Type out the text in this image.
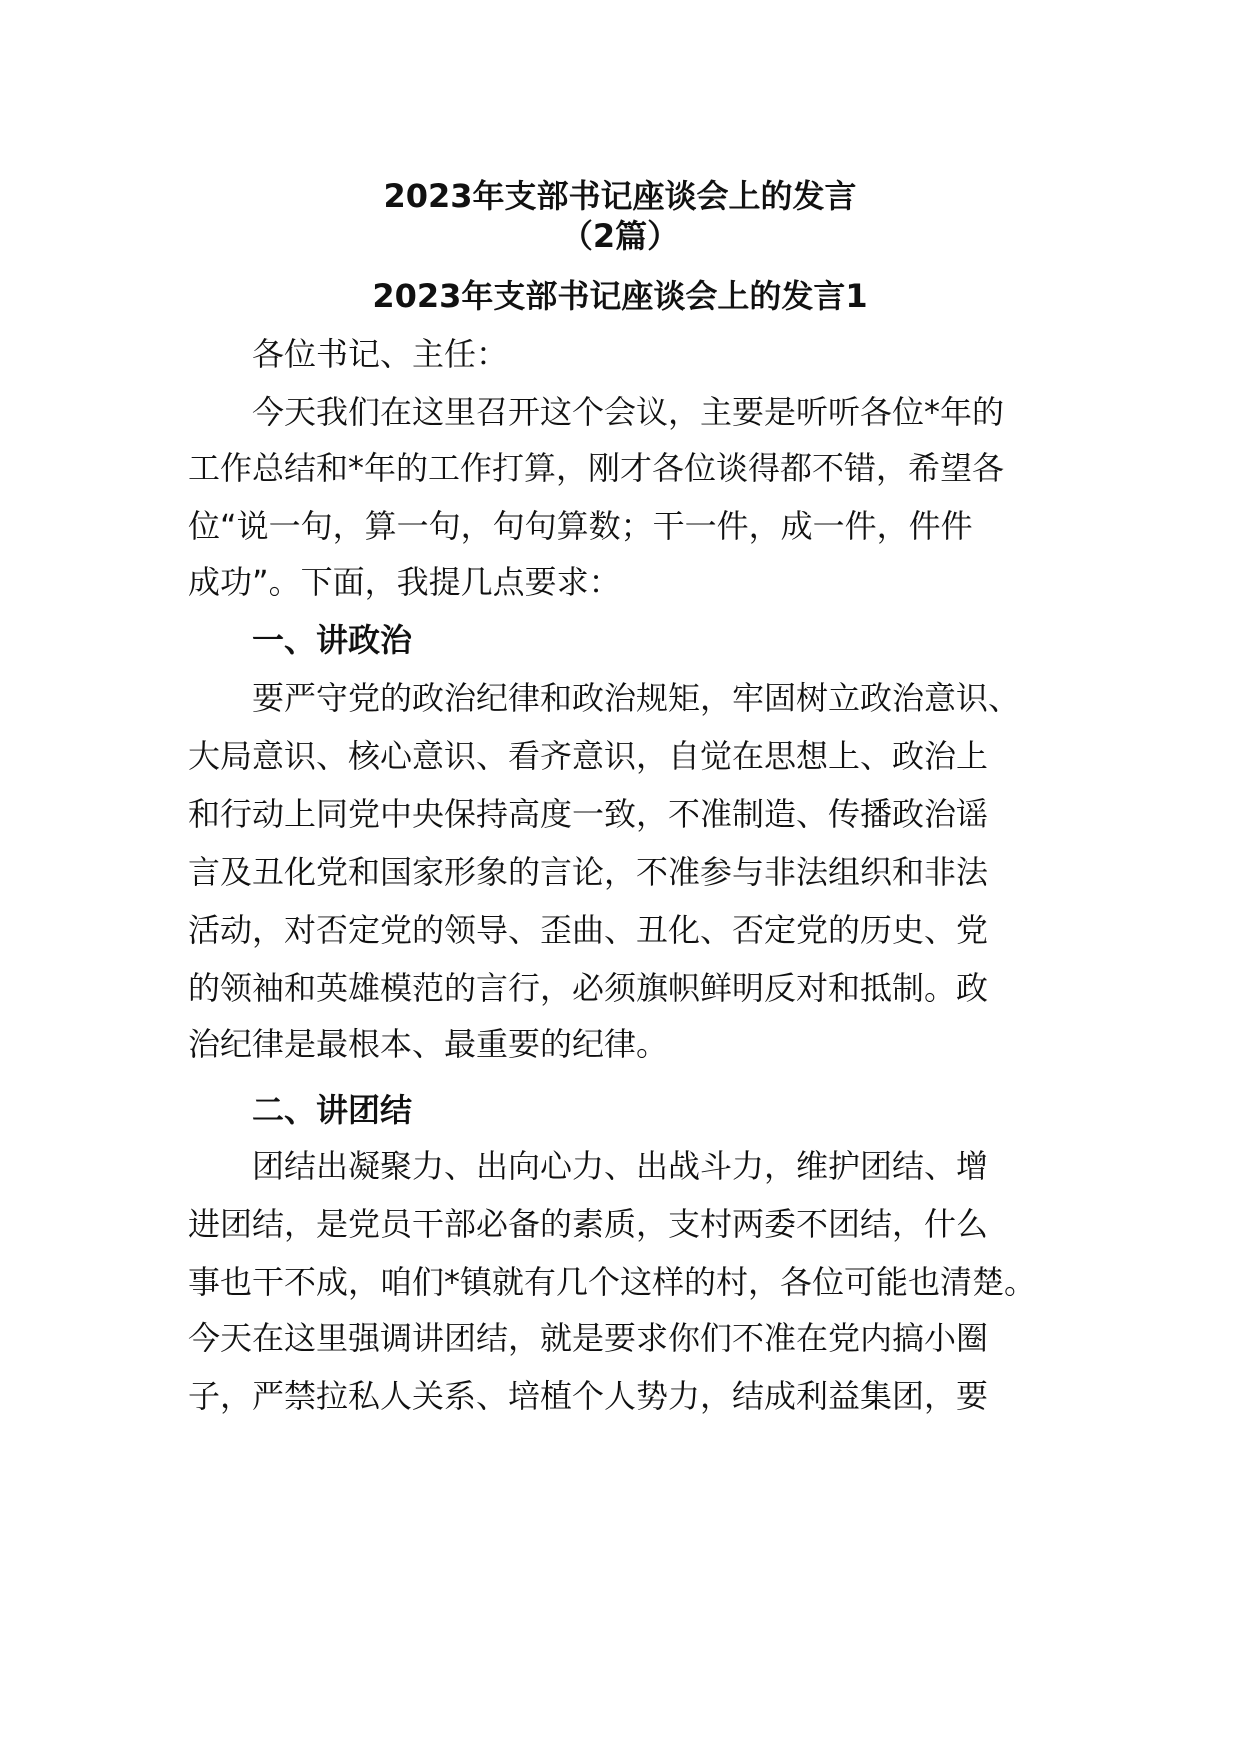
2023年支部书记座谈会上的发言
（2篇）
2023年支部书记座谈会上的发言1

各位书记、主任：

今天我们在这里召开这个会议，主要是听听各位*年的

工作总结和*年的工作打算，刚才各位谈得都不错，希望各

位“说一句，算一句，句句算数；干一件，成一件，件件

成功”。下面，我提几点要求：

一、讲政治

要严守党的政治纪律和政治规矩，牢固树立政治意识、

大局意识、核心意识、看齐意识，自觉在思想上、政治上

和行动上同党中央保持高度一致，不准制造、传播政治谣

言及丑化党和国家形象的言论，不准参与非法组织和非法

活动，对否定党的领导、歪曲、丑化、否定党的历史、党

的领袖和英雄模范的言行，必须旗帜鲜明反对和抵制。政

治纪律是最根本、最重要的纪律。

二、讲团结

团结出凝聚力、出向心力、出战斗力，维护团结、增

进团结，是党员干部必备的素质，支村两委不团结，什么

事也干不成，咱们*镇就有几个这样的村，各位可能也清楚。

今天在这里强调讲团结，就是要求你们不准在党内搞小圈

子，严禁拉私人关系、培植个人势力，结成利益集团，要
